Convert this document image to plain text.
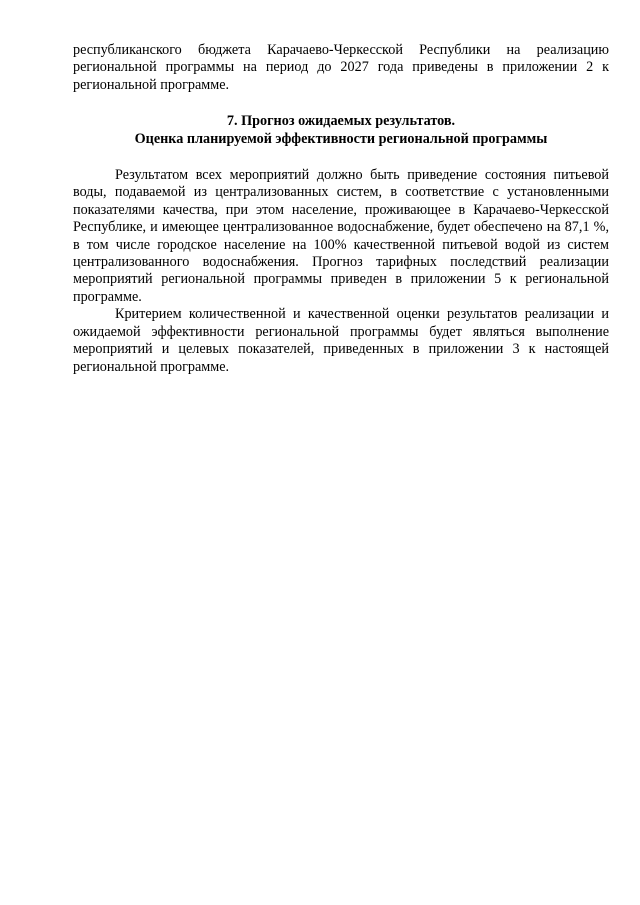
республиканского бюджета Карачаево-Черкесской Республики на реализацию региональной программы на период до 2027 года приведены в приложении 2 к региональной программе.

7. Прогноз ожидаемых результатов.

Оценка планируемой эффективности региональной программы

Результатом всех мероприятий должно быть приведение состояния питьевой воды, подаваемой из централизованных систем, в соответствие с установленными показателями качества, при этом население, проживающее в Карачаево-Черкесской Республике, и имеющее централизованное водоснабжение, будет обеспечено на 87,1 %, в том числе городское население на 100% качественной питьевой водой из систем централизованного водоснабжения. Прогноз тарифных последствий реализации мероприятий региональной программы приведен в приложении 5 к региональной программе.

Критерием количественной и качественной оценки результатов реализации и ожидаемой эффективности региональной программы будет являться выполнение мероприятий и целевых показателей, приведенных в приложении 3 к настоящей региональной программе.
